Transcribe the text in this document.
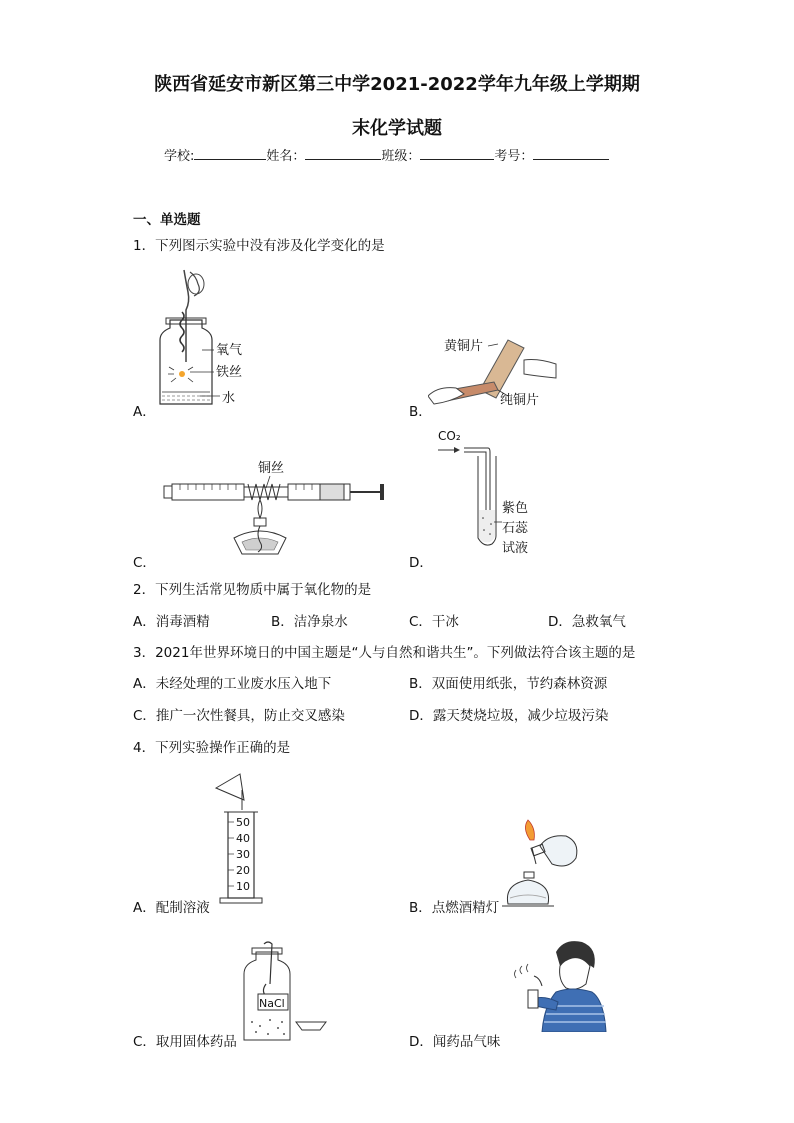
陕西省延安市新区第三中学2021-2022学年九年级上学期期
末化学试题
学校:	姓名：	班级：	考号：
一、单选题
1．下列图示实验中没有涉及化学变化的是
氧气
铁丝
水
A．
黄铜片
纯铜片
B．
铜丝
C．
CO₂
紫色
石蕊
试液
D．
2．下列生活常见物质中属于氧化物的是
A．消毒酒精	B．洁净泉水	C．干冰	D．急救氧气
3．2021年世界环境日的中国主题是“人与自然和谐共生”。下列做法符合该主题的是
A．未经处理的工业废水压入地下	B．双面使用纸张，节约森林资源
C．推广一次性餐具，防止交叉感染	D．露天焚烧垃圾，减少垃圾污染
4．下列实验操作正确的是
50
40
30
20
10
A．配制溶液	B．点燃酒精灯
NaCl
C．取用固体药品	D．闻药品气味
